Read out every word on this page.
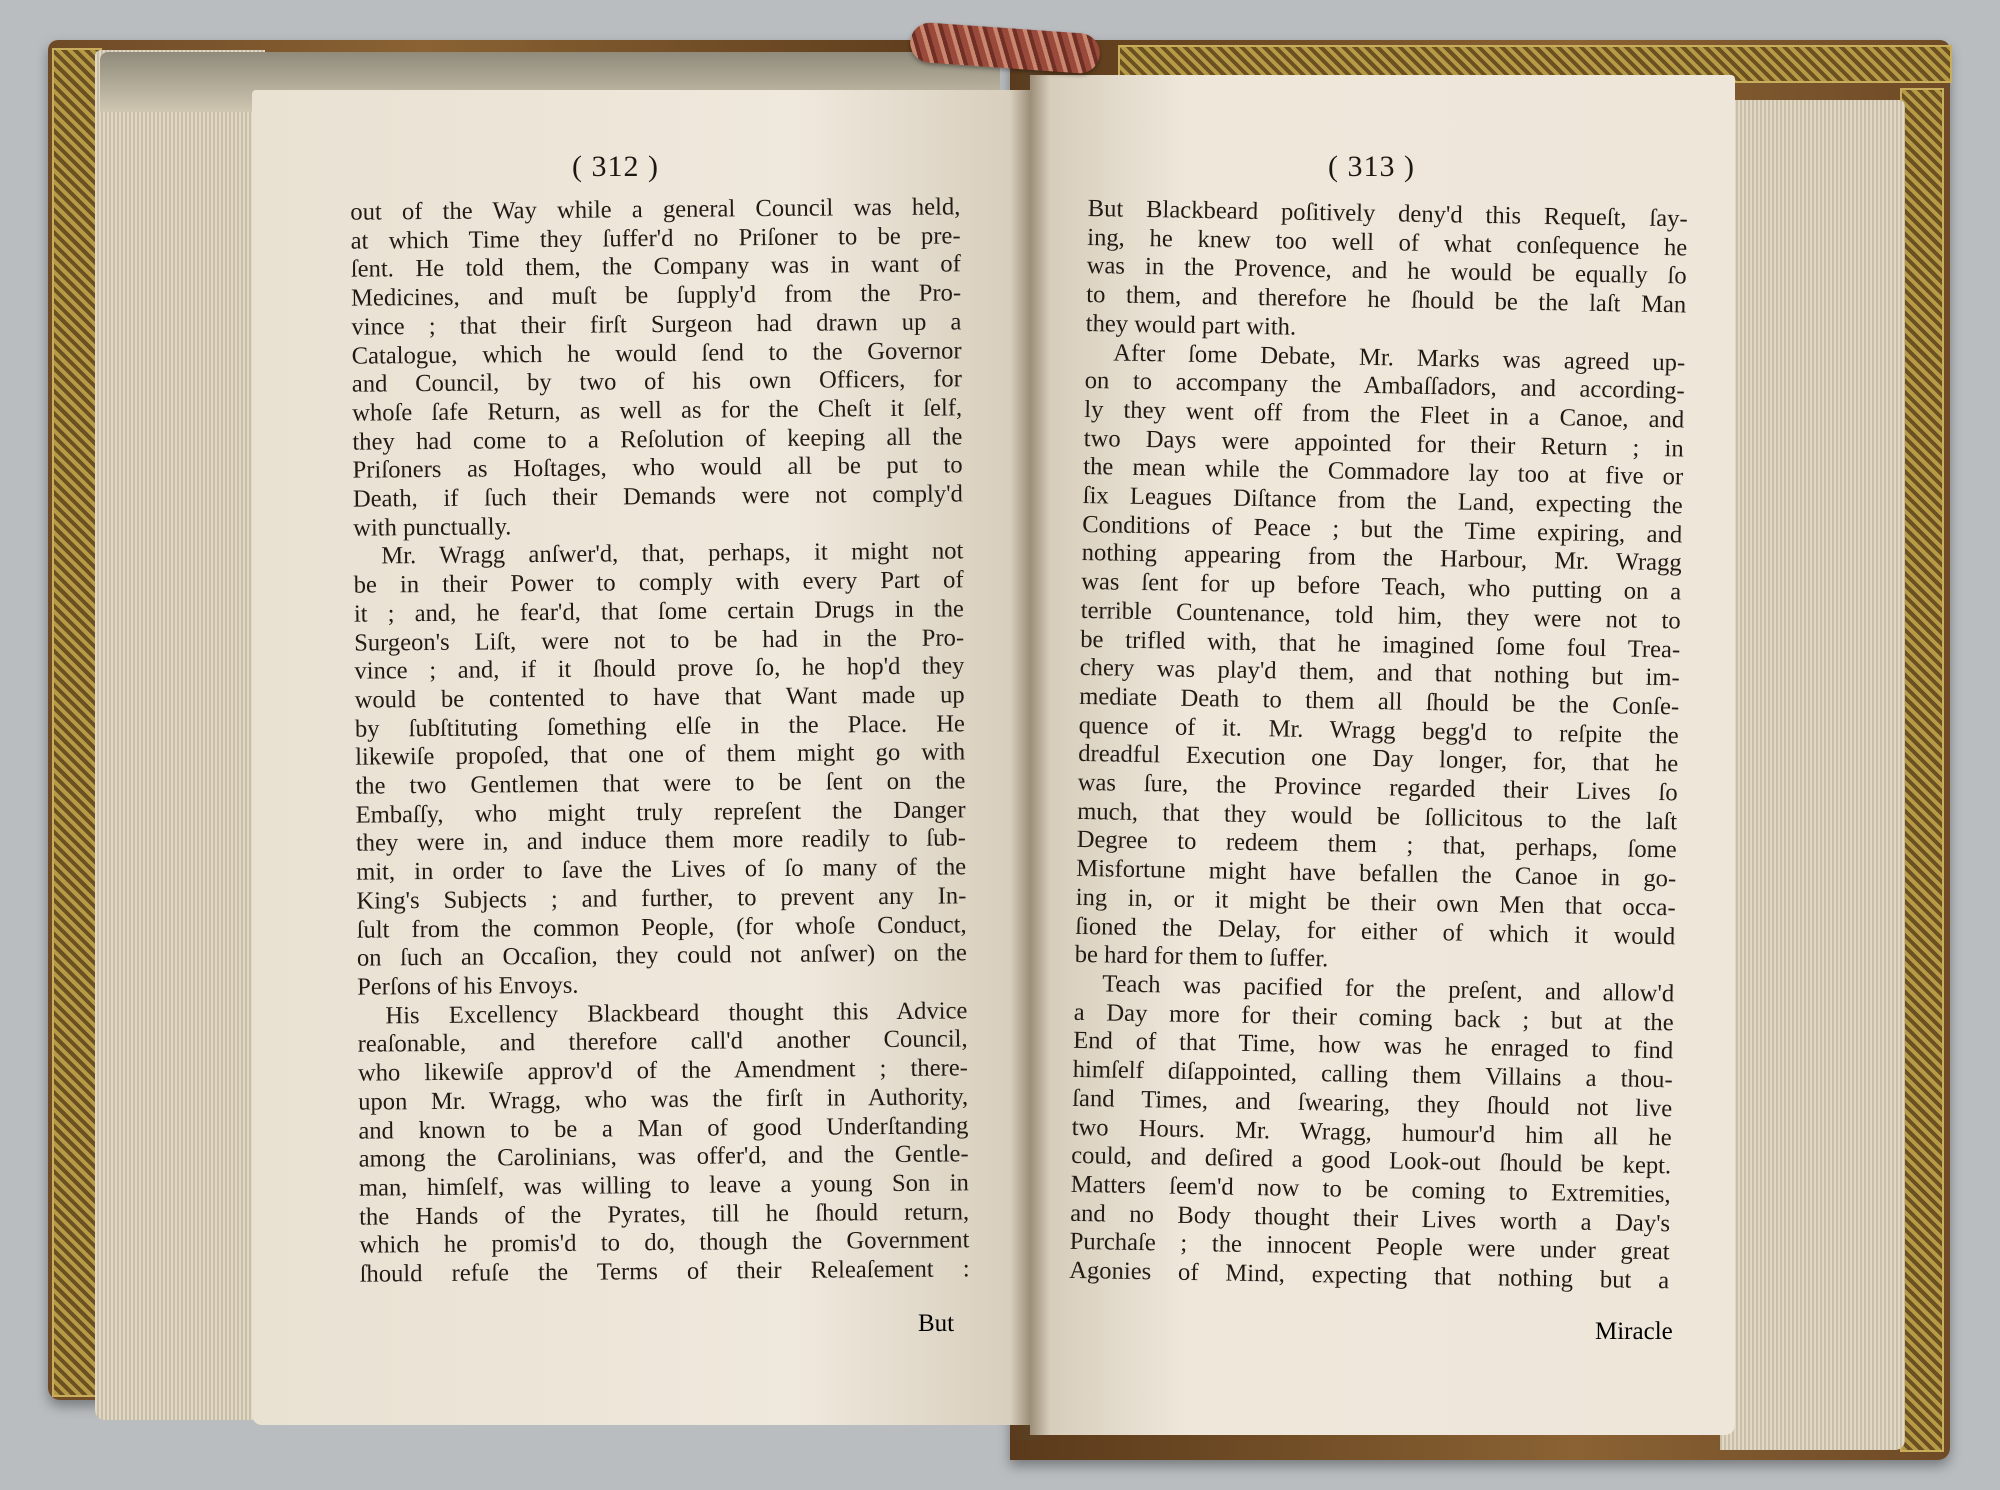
( 312 )	( 313 )
out of the Way while a general Council was held,
at which Time they ſuffer'd no Priſoner to be pre-
ſent. He told them, the Company was in want of
Medicines, and muſt be ſupply'd from the Pro-
vince ; that their firſt Surgeon had drawn up a
Catalogue, which he would ſend to the Governor
and Council, by two of his own Officers, for
whoſe ſafe Return, as well as for the Cheſt it ſelf,
they had come to a Reſolution of keeping all the
Priſoners as Hoſtages, who would all be put to
Death, if ſuch their Demands were not comply'd
with punctually.
Mr. Wragg anſwer'd, that, perhaps, it might not
be in their Power to comply with every Part of
it ; and, he fear'd, that ſome certain Drugs in the
Surgeon's Liſt, were not to be had in the Pro-
vince ; and, if it ſhould prove ſo, he hop'd they
would be contented to have that Want made up
by ſubſtituting ſomething elſe in the Place. He
likewiſe propoſed, that one of them might go with
the two Gentlemen that were to be ſent on the
Embaſſy, who might truly repreſent the Danger
they were in, and induce them more readily to ſub-
mit, in order to ſave the Lives of ſo many of the
King's Subjects ; and further, to prevent any In-
ſult from the common People, (for whoſe Conduct,
on ſuch an Occaſion, they could not anſwer) on the
Perſons of his Envoys.
His Excellency Blackbeard thought this Advice
reaſonable, and therefore call'd another Council,
who likewiſe approv'd of the Amendment ; there-
upon Mr. Wragg, who was the firſt in Authority,
and known to be a Man of good Underſtanding
among the Carolinians, was offer'd, and the Gentle-
man, himſelf, was willing to leave a young Son in
the Hands of the Pyrates, till he ſhould return,
which he promis'd to do, though the Government
ſhould refuſe the Terms of their Releaſement :
But Blackbeard poſitively deny'd this Requeſt, ſay-
ing, he knew too well of what conſequence he
was in the Provence, and he would be equally ſo
to them, and therefore he ſhould be the laſt Man
they would part with.
After ſome Debate, Mr. Marks was agreed up-
on to accompany the Ambaſſadors, and according-
ly they went off from the Fleet in a Canoe, and
two Days were appointed for their Return ; in
the mean while the Commadore lay too at five or
ſix Leagues Diſtance from the Land, expecting the
Conditions of Peace ; but the Time expiring, and
nothing appearing from the Harbour, Mr. Wragg
was ſent for up before Teach, who putting on a
terrible Countenance, told him, they were not to
be trifled with, that he imagined ſome foul Trea-
chery was play'd them, and that nothing but im-
mediate Death to them all ſhould be the Conſe-
quence of it. Mr. Wragg begg'd to reſpite the
dreadful Execution one Day longer, for, that he
was ſure, the Province regarded their Lives ſo
much, that they would be ſollicitous to the laſt
Degree to redeem them ; that, perhaps, ſome
Misfortune might have befallen the Canoe in go-
ing in, or it might be their own Men that occa-
ſioned the Delay, for either of which it would
be hard for them to ſuffer.
Teach was pacified for the preſent, and allow'd
a Day more for their coming back ; but at the
End of that Time, how was he enraged to find
himſelf diſappointed, calling them Villains a thou-
ſand Times, and ſwearing, they ſhould not live
two Hours. Mr. Wragg, humour'd him all he
could, and deſired a good Look-out ſhould be kept.
Matters ſeem'd now to be coming to Extremities,
and no Body thought their Lives worth a Day's
Purchaſe ; the innocent People were under great
Agonies of Mind, expecting that nothing but a
But	Miracle
